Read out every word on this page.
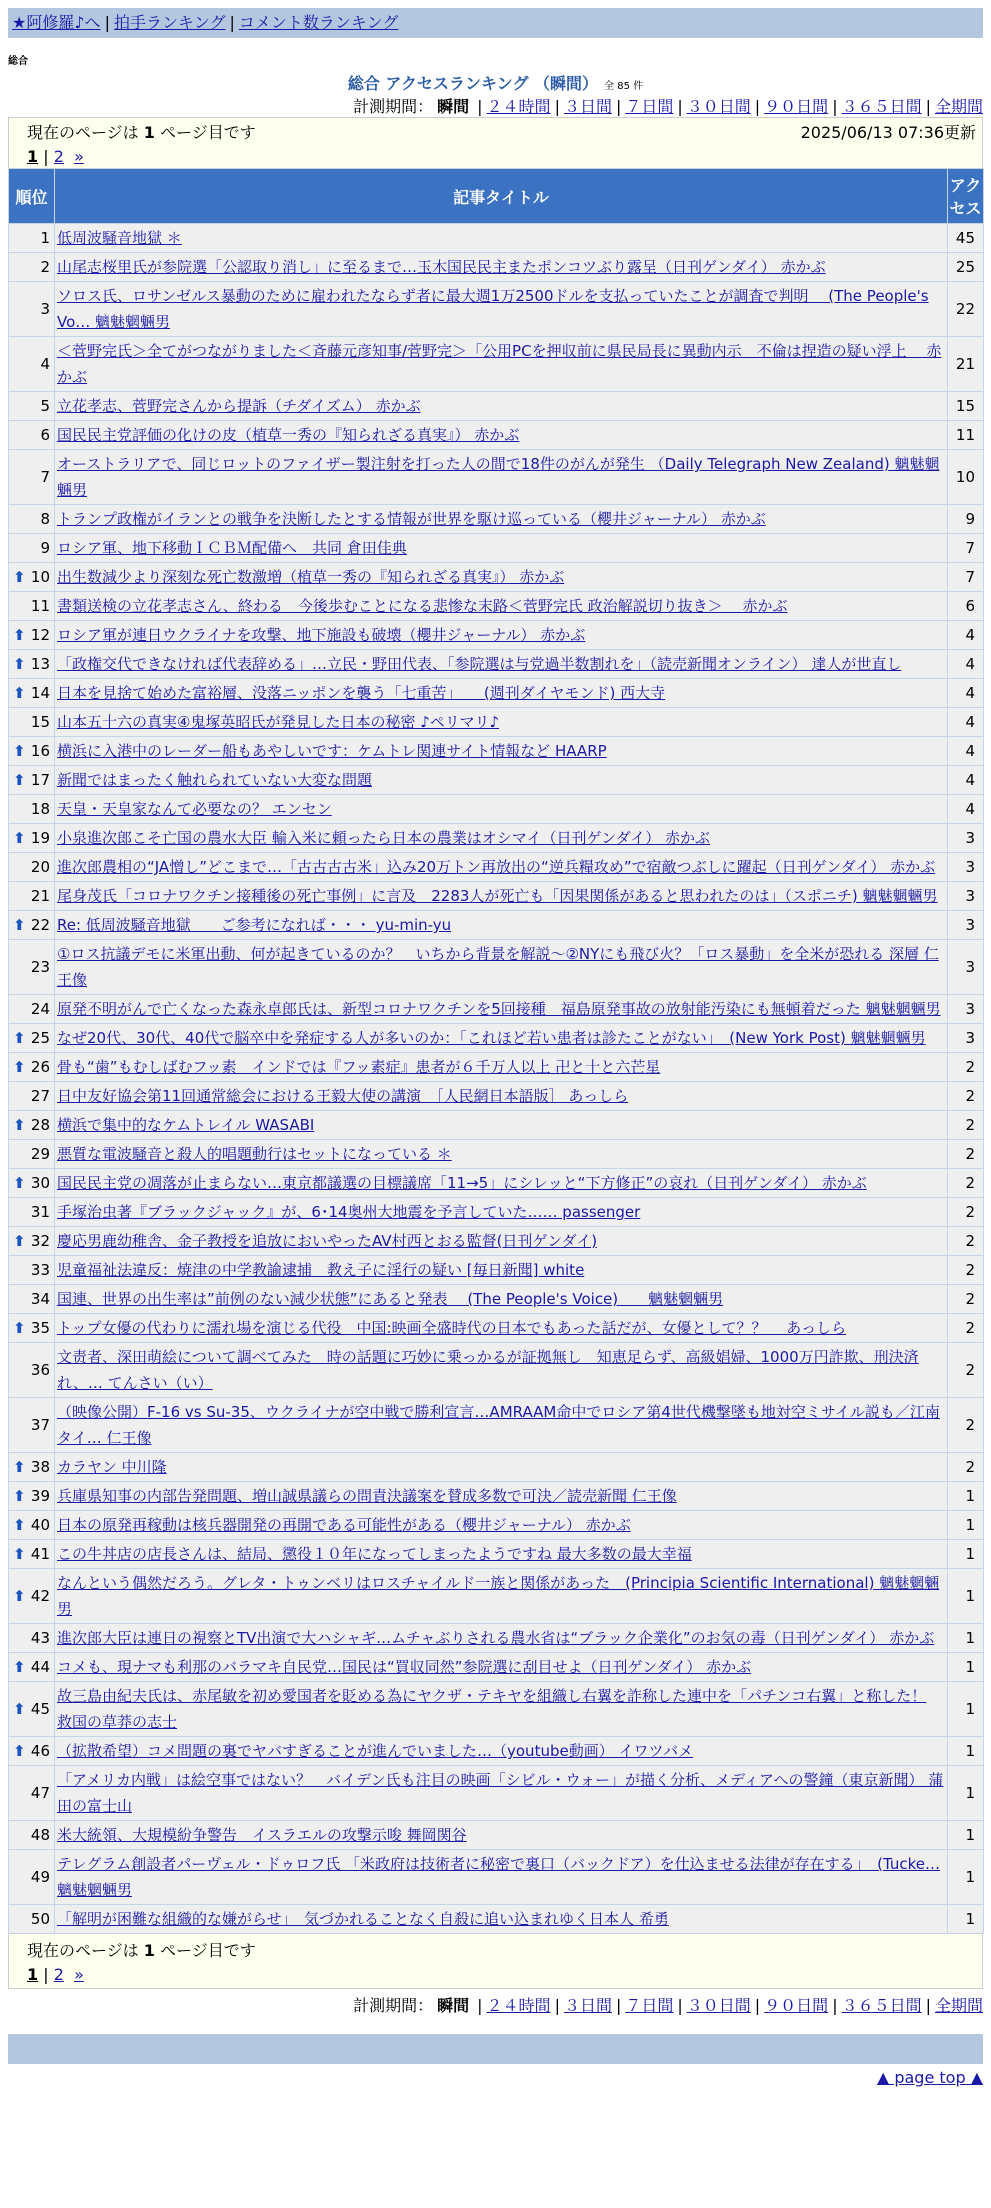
★阿修羅♪へ | 拍手ランキング | コメント数ランキング
総合
総合 アクセスランキング （瞬間） 全 85 件
計測期間： 瞬間 | ２４時間 | ３日間 | ７日間 | ３０日間 | ９０日間 | ３６５日間 | 全期間
現在のページは 1 ページ目です	2025/06/13 07:36更新
1 | 2 »
順位	記事タイトル	アクセス
1	低周波騒音地獄 ＊	45
2	山尾志桜里氏が参院選「公認取り消し」に至るまで…玉木国民民主またポンコツぶり露呈（日刊ゲンダイ） 赤かぶ	25
3	ソロス氏、ロサンゼルス暴動のために雇われたならず者に最大週1万2500ドルを支払っていたことが調査で判明 　(The People's Vo… 魑魅魍魎男	22
4	＜菅野完氏＞全てがつながりました＜斉藤元彦知事/菅野完＞「公用PCを押収前に県民局長に異動内示　不倫は捏造の疑い浮上　 赤かぶ	21
5	立花孝志、菅野完さんから提訴（チダイズム） 赤かぶ	15
6	国民民主党評価の化けの皮（植草一秀の『知られざる真実』） 赤かぶ	11
7	オーストラリアで、同じロットのファイザー製注射を打った人の間で18件のがんが発生 （Daily Telegraph New Zealand) 魑魅魍魎男	10
8	トランプ政権がイランとの戦争を決断したとする情報が世界を駆け巡っている（櫻井ジャーナル） 赤かぶ	9
9	ロシア軍、地下移動ＩＣＢＭ配備へ　共同 倉田佳典	7

⬆ 10	出生数減少より深刻な死亡数激増（植草一秀の『知られざる真実』） 赤かぶ	7
11	書類送検の立花孝志さん、終わる　今後歩むことになる悲惨な末路＜菅野完氏 政治解説切り抜き＞　 赤かぶ	6

⬆ 12	ロシア軍が連日ウクライナを攻撃、地下施設も破壊（櫻井ジャーナル） 赤かぶ	4

⬆ 13	「政権交代できなければ代表辞める」…立民・野田代表、「参院選は与党過半数割れを」（読売新聞オンライン） 達人が世直し	4

⬆ 14	日本を見捨て始めた富裕層、没落ニッポンを襲う「七重苦」　　(週刊ダイヤモンド) 西大寺	4
15	山本五十六の真実④鬼塚英昭氏が発見した日本の秘密 ♪ペリマリ♪	4

⬆ 16	横浜に入港中のレーダー船もあやしいです：ケムトレ関連サイト情報など HAARP	4

⬆ 17	新聞ではまったく触れられていない大変な問題	4
18	天皇・天皇家なんて必要なの？ エンセン	4

⬆ 19	小泉進次郎こそ亡国の農水大臣 輸入米に頼ったら日本の農業はオシマイ（日刊ゲンダイ） 赤かぶ	3
20	進次郎農相の“JA憎し”どこまで…「古古古古米」込み20万トン再放出の“逆兵糧攻め”で宿敵つぶしに躍起（日刊ゲンダイ） 赤かぶ	3
21	尾身茂氏「コロナワクチン接種後の死亡事例」に言及　2283人が死亡も「因果関係があると思われたのは」（スポニチ) 魑魅魍魎男	3

⬆ 22	Re: 低周波騒音地獄　　ご参考になれば・・・ yu-min-yu	3
23	①ロス抗議デモに米軍出動、何が起きているのか？　いちから背景を解説～②NYにも飛び火？「ロス暴動」を全米が恐れる 深層 仁王像	3
24	原発不明がんで亡くなった森永卓郎氏は、新型コロナワクチンを5回接種　福島原発事故の放射能汚染にも無頓着だった 魑魅魍魎男	3

⬆ 25	なぜ20代、30代、40代で脳卒中を発症する人が多いのか：「これほど若い患者は診たことがない」　(New York Post) 魑魅魍魎男	3

⬆ 26	骨も“歯”もむしばむフッ素　インドでは『フッ素症』患者が６千万人以上 卍と十と六芒星	2
27	日中友好協会第11回通常総会における王毅大使の講演　［人民網日本語版］ あっしら	2

⬆ 28	横浜で集中的なケムトレイル WASABI	2
29	悪質な電波騒音と殺人的唱題動行はセットになっている ＊	2

⬆ 30	国民民主党の凋落が止まらない…東京都議選の目標議席「11→5」にシレッと“下方修正”の哀れ（日刊ゲンダイ） 赤かぶ	2
31	手塚治虫著『ブラックジャック』が、6･14奥州大地震を予言していた…… passenger	2

⬆ 32	慶応男鹿幼稚舎、金子教授を追放においやったAV村西とおる監督(日刊ゲンダイ)	2
33	児童福祉法違反：焼津の中学教諭逮捕　教え子に淫行の疑い [毎日新聞] white	2
34	国連、世界の出生率は”前例のない減少状態”にあると発表 　(The People's Voice)　　魑魅魍魎男	2

⬆ 35	トップ女優の代わりに濡れ場を演じる代役　中国:映画全盛時代の日本でもあった話だが、女優として？？　 あっしら	2
36	文责者、深田萌絵について調べてみた　時の話題に巧妙に乗っかるが証拠無し　知恵足らず、高級娼婦、1000万円詐欺、刑決済れ、… てんさい（い）	2
37	（映像公開）F-16 vs Su-35、ウクライナが空中戦で勝利宣言…AMRAAM命中でロシア第4世代機撃墜も地対空ミサイル説も／江南タイ… 仁王像	2

⬆ 38	カラヤン 中川隆	2

⬆ 39	兵庫県知事の内部告発問題、増山誠県議らの問責決議案を賛成多数で可決／読売新聞 仁王像	1

⬆ 40	日本の原発再稼動は核兵器開発の再開である可能性がある（櫻井ジャーナル） 赤かぶ	1

⬆ 41	この牛丼店の店長さんは、結局、懲役１０年になってしまったようですね 最大多数の最大幸福	1

⬆ 42	なんという偶然だろう。グレタ・トゥンベリはロスチャイルド一族と関係があった　(Principia Scientific International) 魑魅魍魎男	1
43	進次郎大臣は連日の視察とTV出演で大ハシャギ…ムチャぶりされる農水省は“ブラック企業化”のお気の毒（日刊ゲンダイ） 赤かぶ	1

⬆ 44	コメも、現ナマも利那のバラマキ自民党…国民は“買収同然”参院選に刮目せよ（日刊ゲンダイ） 赤かぶ	1

⬆ 45	故三島由紀夫氏は、赤尾敏を初め愛国者を貶める為にヤクザ・テキヤを組織し右翼を詐称した連中を「パチンコ右翼」と称した！ 救国の草莽の志士	1

⬆ 46	（拡散希望）コメ問題の裏でヤバすぎることが進んでいました…（youtube動画） イワツバメ	1
47	「アメリカ内戦」は絵空事ではない？　バイデン氏も注目の映画「シビル・ウォー」が描く分析、メディアへの警鐘（東京新聞） 蒲田の富士山	1
48	米大統領、大規模紛争警告　イスラエルの攻撃示唆 舞岡関谷	1
49	テレグラム創設者パーヴェル・ドゥロフ氏 「米政府は技術者に秘密で裏口（バックドア）を仕込ませる法律が存在する」　(Tucke… 魑魅魍魎男	1
50	「解明が困難な組織的な嫌がらせ」　気づかれることなく自殺に追い込まれゆく日本人 希勇	1
現在のページは 1 ページ目です
1 | 2 »
計測期間： 瞬間 | ２４時間 | ３日間 | ７日間 | ３０日間 | ９０日間 | ３６５日間 | 全期間
▲ page top ▲
